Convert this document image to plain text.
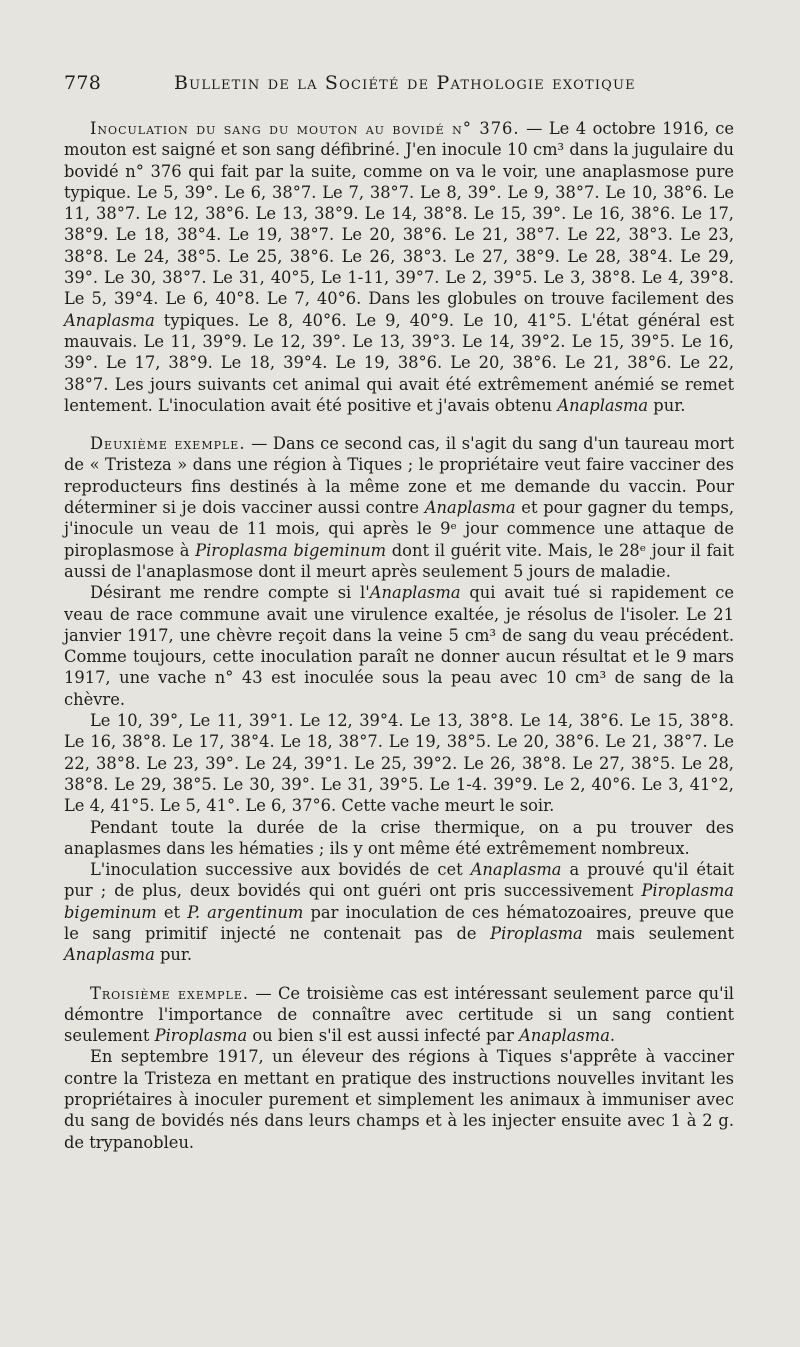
778	Bulletin de la Société de Pathologie exotique

Inoculation du sang du mouton au bovidé n° 376. — Le 4 octobre 1916, ce mouton est saigné et son sang défibriné. J'en inocule 10 cm³ dans la jugulaire du bovidé n° 376 qui fait par la suite, comme on va le voir, une anaplasmose pure typique. Le 5, 39°. Le 6, 38°7. Le 7, 38°7. Le 8, 39°. Le 9, 38°7. Le 10, 38°6. Le 11, 38°7. Le 12, 38°6. Le 13, 38°9. Le 14, 38°8. Le 15, 39°. Le 16, 38°6. Le 17, 38°9. Le 18, 38°4. Le 19, 38°7. Le 20, 38°6. Le 21, 38°7. Le 22, 38°3. Le 23, 38°8. Le 24, 38°5. Le 25, 38°6. Le 26, 38°3. Le 27, 38°9. Le 28, 38°4. Le 29, 39°. Le 30, 38°7. Le 31, 40°5, Le 1-11, 39°7. Le 2, 39°5. Le 3, 38°8. Le 4, 39°8. Le 5, 39°4. Le 6, 40°8. Le 7, 40°6. Dans les globules on trouve facilement des Anaplasma typiques. Le 8, 40°6. Le 9, 40°9. Le 10, 41°5. L'état général est mauvais. Le 11, 39°9. Le 12, 39°. Le 13, 39°3. Le 14, 39°2. Le 15, 39°5. Le 16, 39°. Le 17, 38°9. Le 18, 39°4. Le 19, 38°6. Le 20, 38°6. Le 21, 38°6. Le 22, 38°7. Les jours suivants cet animal qui avait été extrêmement anémié se remet lentement. L'inoculation avait été positive et j'avais obtenu Anaplasma pur.

Deuxième exemple. — Dans ce second cas, il s'agit du sang d'un taureau mort de « Tristeza » dans une région à Tiques ; le propriétaire veut faire vacciner des reproducteurs fins destinés à la même zone et me demande du vaccin. Pour déterminer si je dois vacciner aussi contre Anaplasma et pour gagner du temps, j'inocule un veau de 11 mois, qui après le 9ᵉ jour commence une attaque de piroplasmose à Piroplasma bigeminum dont il guérit vite. Mais, le 28ᵉ jour il fait aussi de l'anaplasmose dont il meurt après seulement 5 jours de maladie.

Désirant me rendre compte si l'Anaplasma qui avait tué si rapidement ce veau de race commune avait une virulence exaltée, je résolus de l'isoler. Le 21 janvier 1917, une chèvre reçoit dans la veine 5 cm³ de sang du veau précédent. Comme toujours, cette inoculation paraît ne donner aucun résultat et le 9 mars 1917, une vache n° 43 est inoculée sous la peau avec 10 cm³ de sang de la chèvre.

Le 10, 39°, Le 11, 39°1. Le 12, 39°4. Le 13, 38°8. Le 14, 38°6. Le 15, 38°8. Le 16, 38°8. Le 17, 38°4. Le 18, 38°7. Le 19, 38°5. Le 20, 38°6. Le 21, 38°7. Le 22, 38°8. Le 23, 39°. Le 24, 39°1. Le 25, 39°2. Le 26, 38°8. Le 27, 38°5. Le 28, 38°8. Le 29, 38°5. Le 30, 39°. Le 31, 39°5. Le 1-4. 39°9. Le 2, 40°6. Le 3, 41°2, Le 4, 41°5. Le 5, 41°. Le 6, 37°6. Cette vache meurt le soir.

Pendant toute la durée de la crise thermique, on a pu trouver des anaplasmes dans les hématies ; ils y ont même été extrêmement nombreux.

L'inoculation successive aux bovidés de cet Anaplasma a prouvé qu'il était pur ; de plus, deux bovidés qui ont guéri ont pris successivement Piroplasma bigeminum et P. argentinum par inoculation de ces hématozoaires, preuve que le sang primitif injecté ne contenait pas de Piroplasma mais seulement Anaplasma pur.

Troisième exemple. — Ce troisième cas est intéressant seulement parce qu'il démontre l'importance de connaître avec certitude si un sang contient seulement Piroplasma ou bien s'il est aussi infecté par Anaplasma.

En septembre 1917, un éleveur des régions à Tiques s'apprête à vacciner contre la Tristeza en mettant en pratique des instructions nouvelles invitant les propriétaires à inoculer purement et simplement les animaux à immuniser avec du sang de bovidés nés dans leurs champs et à les injecter ensuite avec 1 à 2 g. de trypanobleu.
